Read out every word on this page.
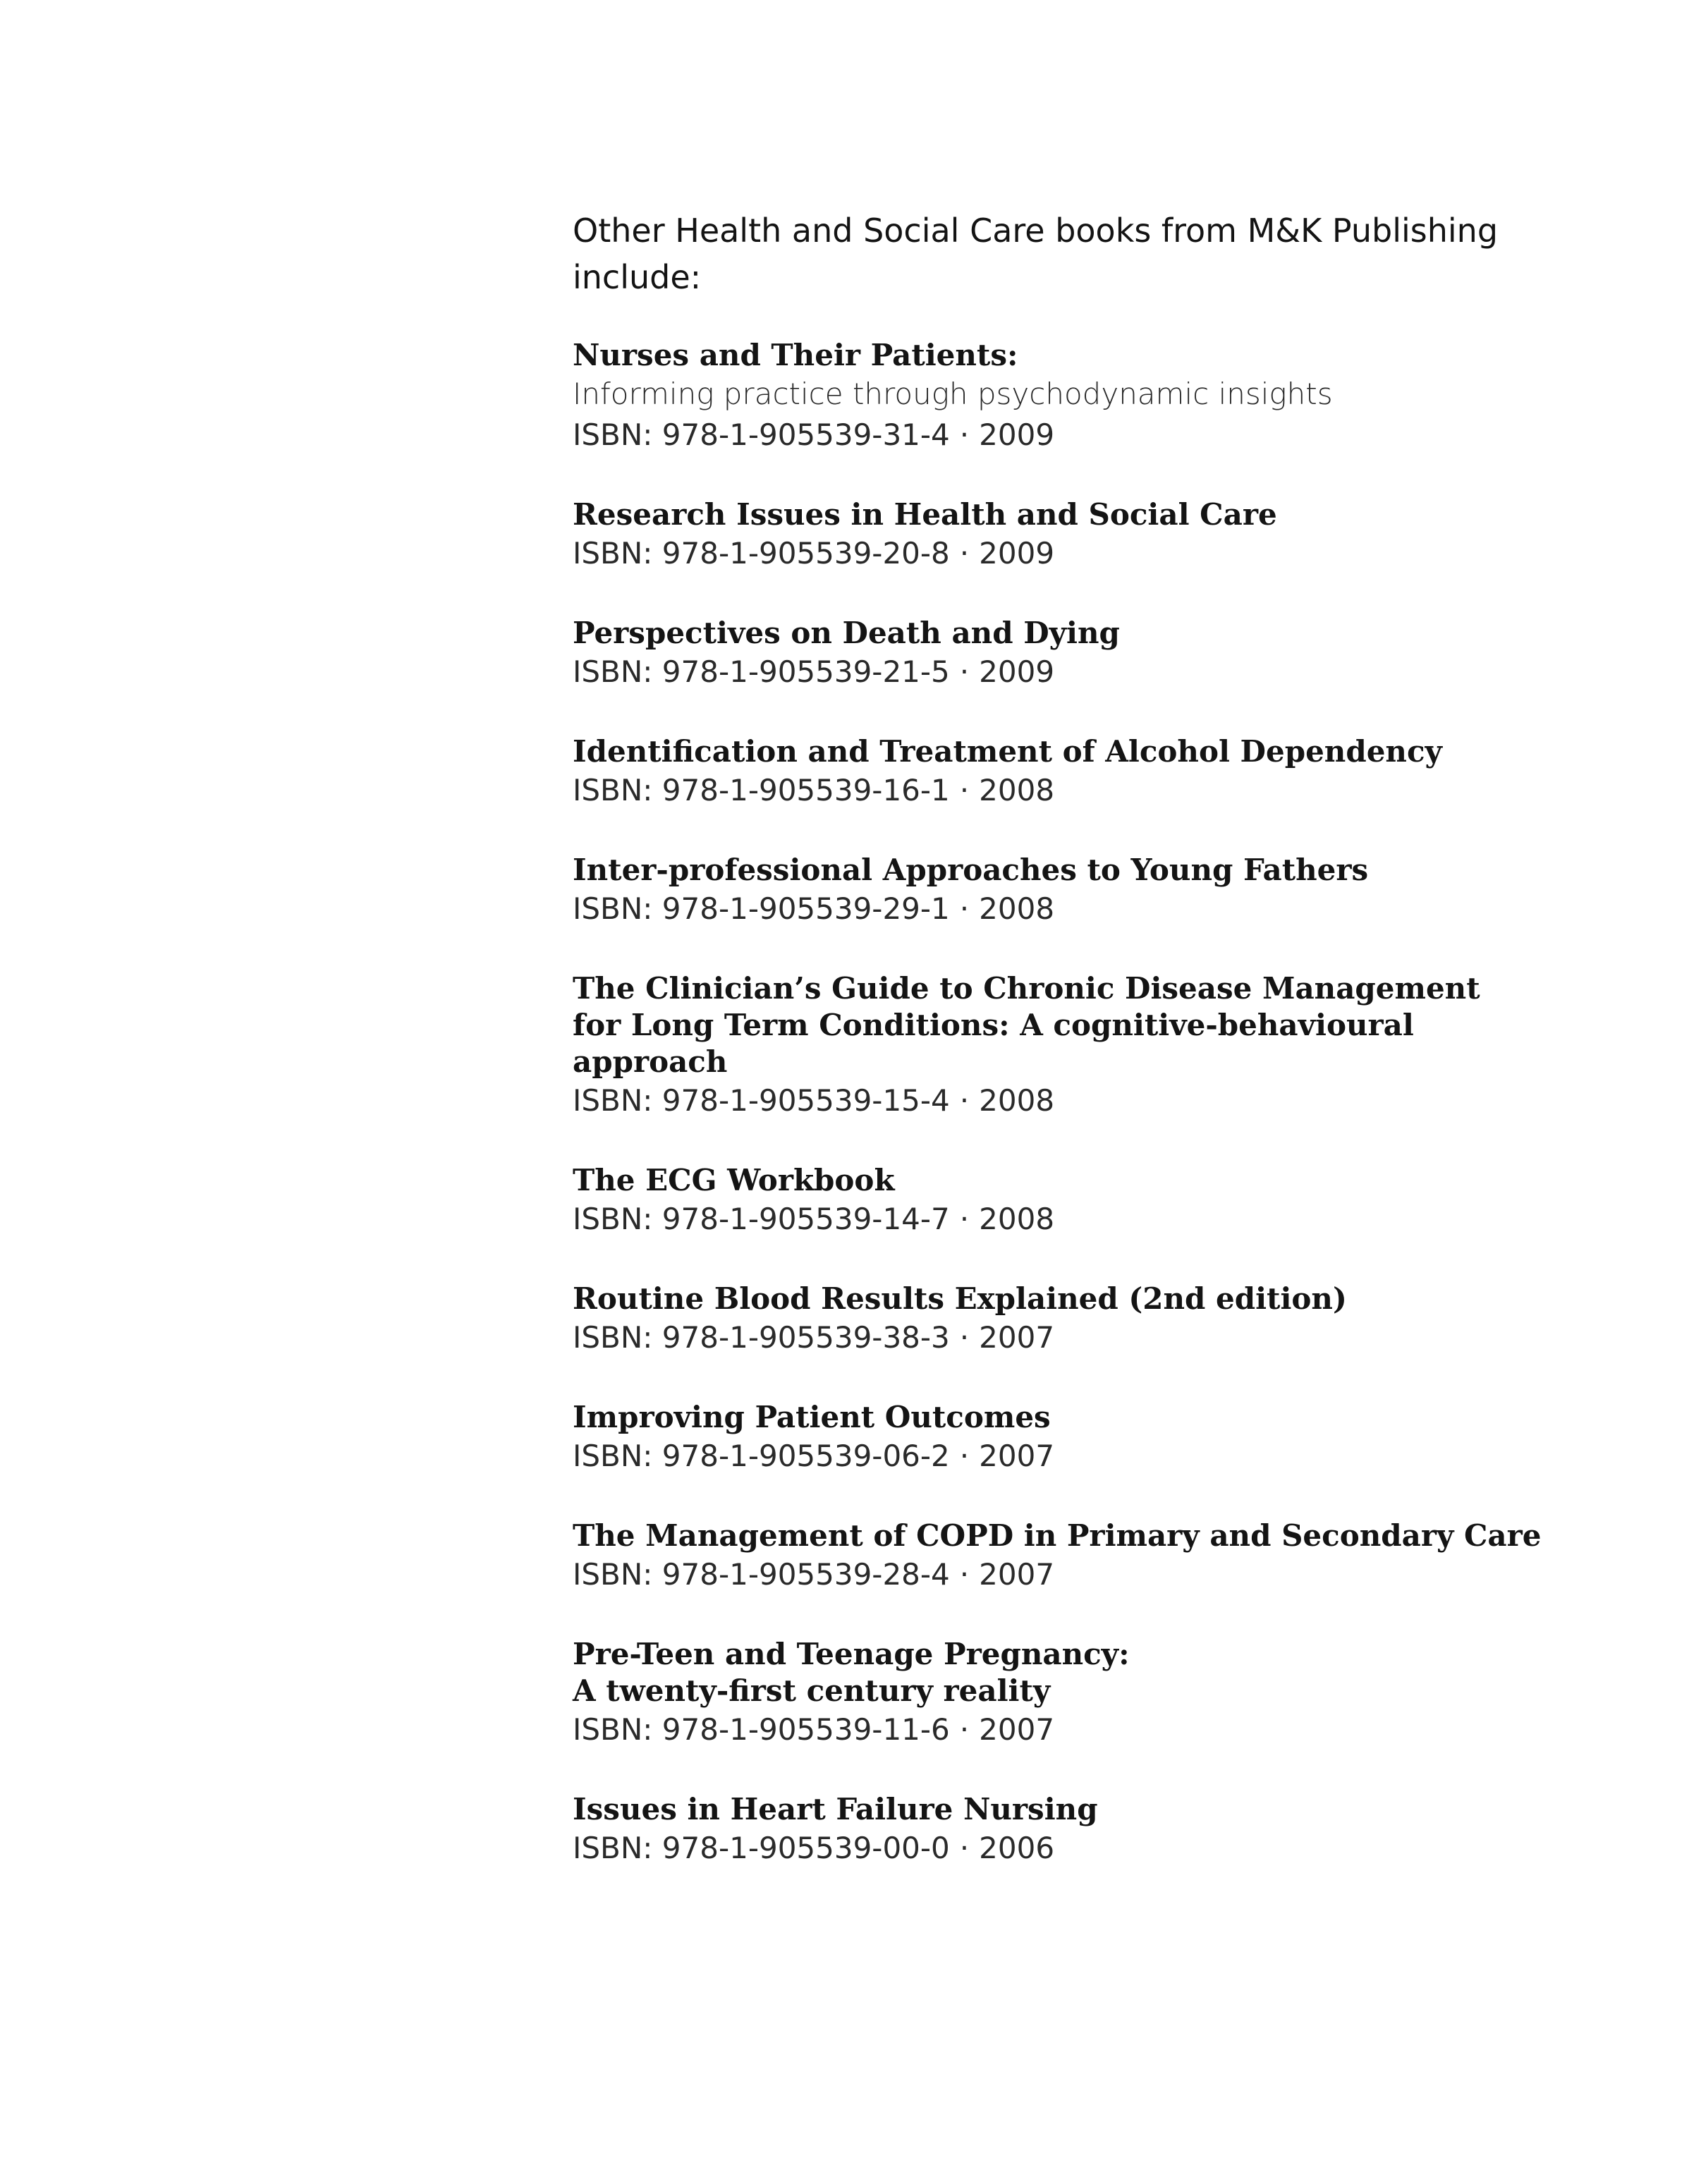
Other Health and Social Care books from M&K Publishing include:

Nurses and Their Patients:
Informing practice through psychodynamic insights
ISBN: 978-1-905539-31-4 · 2009
Research Issues in Health and Social Care
ISBN: 978-1-905539-20-8 · 2009
Perspectives on Death and Dying
ISBN: 978-1-905539-21-5 · 2009
Identification and Treatment of Alcohol Dependency
ISBN: 978-1-905539-16-1 · 2008
Inter-professional Approaches to Young Fathers
ISBN: 978-1-905539-29-1 · 2008
The Clinician’s Guide to Chronic Disease Management
for Long Term Conditions: A cognitive-behavioural approach
ISBN: 978-1-905539-15-4 · 2008
The ECG Workbook
ISBN: 978-1-905539-14-7 · 2008
Routine Blood Results Explained (2nd edition)
ISBN: 978-1-905539-38-3 · 2007
Improving Patient Outcomes
ISBN: 978-1-905539-06-2 · 2007
The Management of COPD in Primary and Secondary Care
ISBN: 978-1-905539-28-4 · 2007
Pre-Teen and Teenage Pregnancy:
A twenty-first century reality
ISBN: 978-1-905539-11-6 · 2007
Issues in Heart Failure Nursing
ISBN: 978-1-905539-00-0 · 2006
